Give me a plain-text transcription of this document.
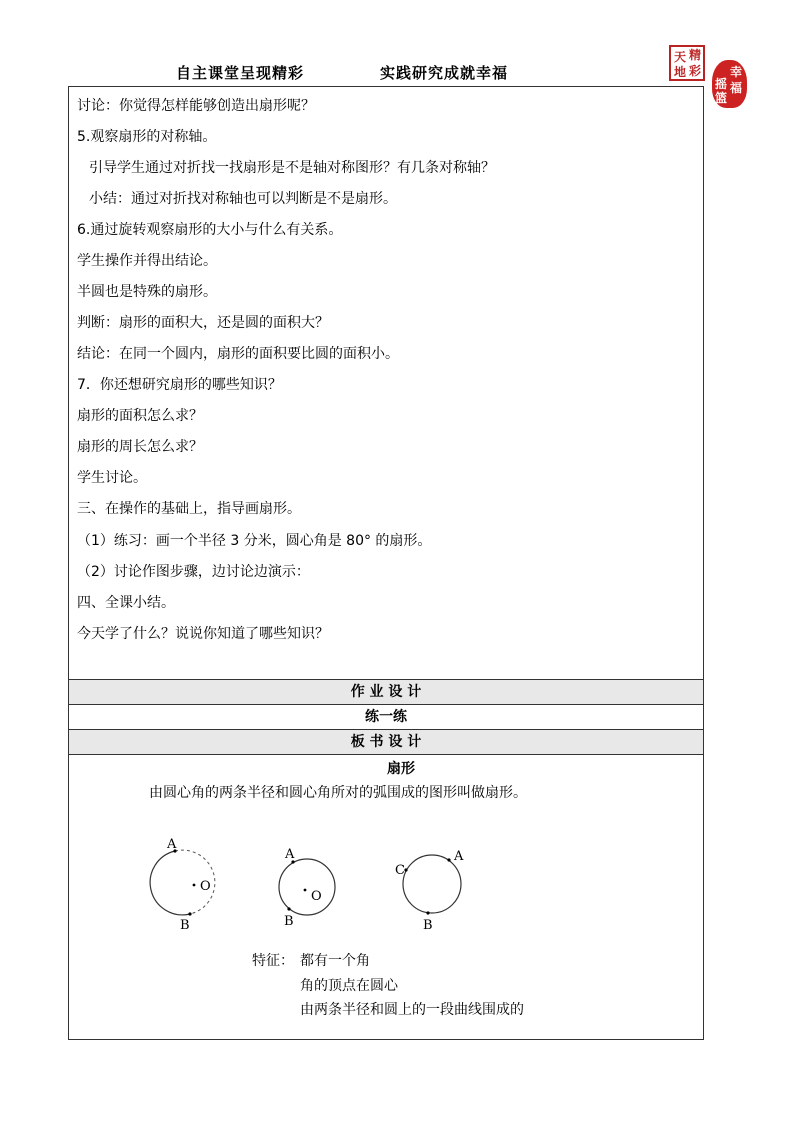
自主课堂呈现精彩	实践研究成就幸福
天 精
地 彩 幸
福
摇
篮
讨论：你觉得怎样能够创造出扇形呢？
5.观察扇形的对称轴。
引导学生通过对折找一找扇形是不是轴对称图形？有几条对称轴？
小结：通过对折找对称轴也可以判断是不是扇形。
6.通过旋转观察扇形的大小与什么有关系。
学生操作并得出结论。
半圆也是特殊的扇形。
判断：扇形的面积大，还是圆的面积大？
结论：在同一个圆内，扇形的面积要比圆的面积小。
7．你还想研究扇形的哪些知识？
扇形的面积怎么求？
扇形的周长怎么求？
学生讨论。
三、在操作的基础上，指导画扇形。
（1）练习：画一个半径 3 分米，圆心角是 80° 的扇形。
（2）讨论作图步骤，边讨论边演示：
四、全课小结。
今天学了什么？说说你知道了哪些知识？
作 业 设 计
练一练
板 书 设 计
扇形
由圆心角的两条半径和圆心角所对的弧围成的图形叫做扇形。
A
B
O
A
B
O
C
A
B
特征： 都有一个角
角的顶点在圆心
由两条半径和圆上的一段曲线围成的
